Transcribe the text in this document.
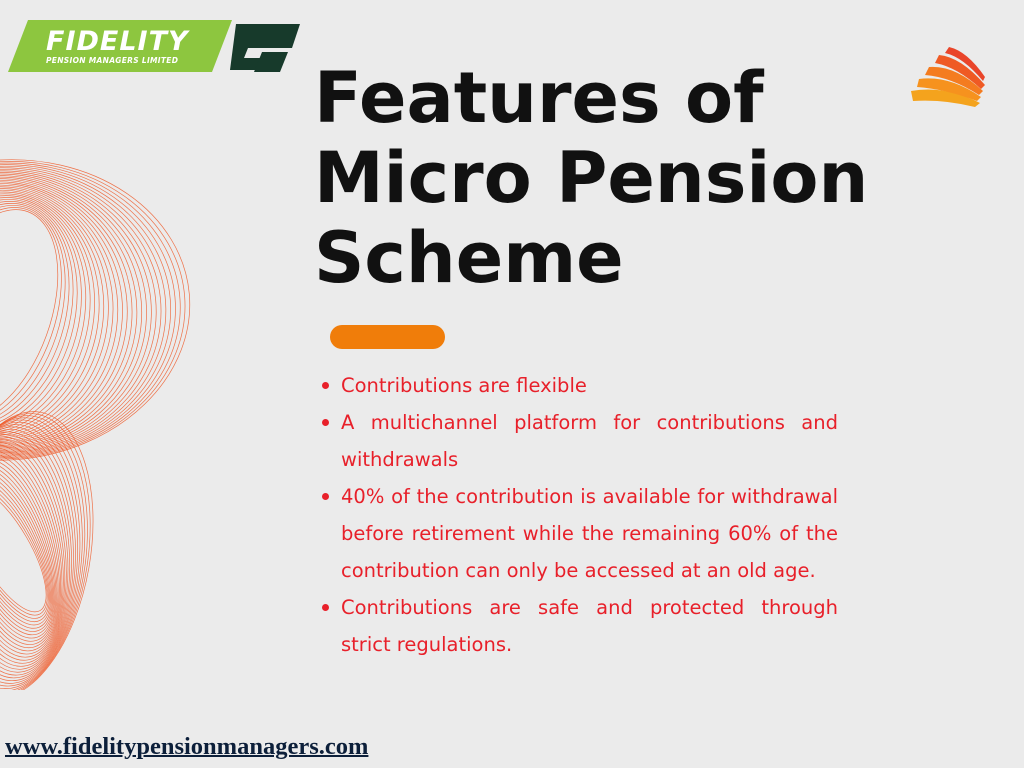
FIDELITY
PENSION MANAGERS LIMITED Features of Micro Pension Scheme
Contributions are flexible
A multichannel platform for contributions and withdrawals
40% of the contribution is available for withdrawal before retirement while the remaining 60% of the contribution can only be accessed at an old age.
Contributions are safe and protected through strict regulations.
www.fidelitypensionmanagers.com
